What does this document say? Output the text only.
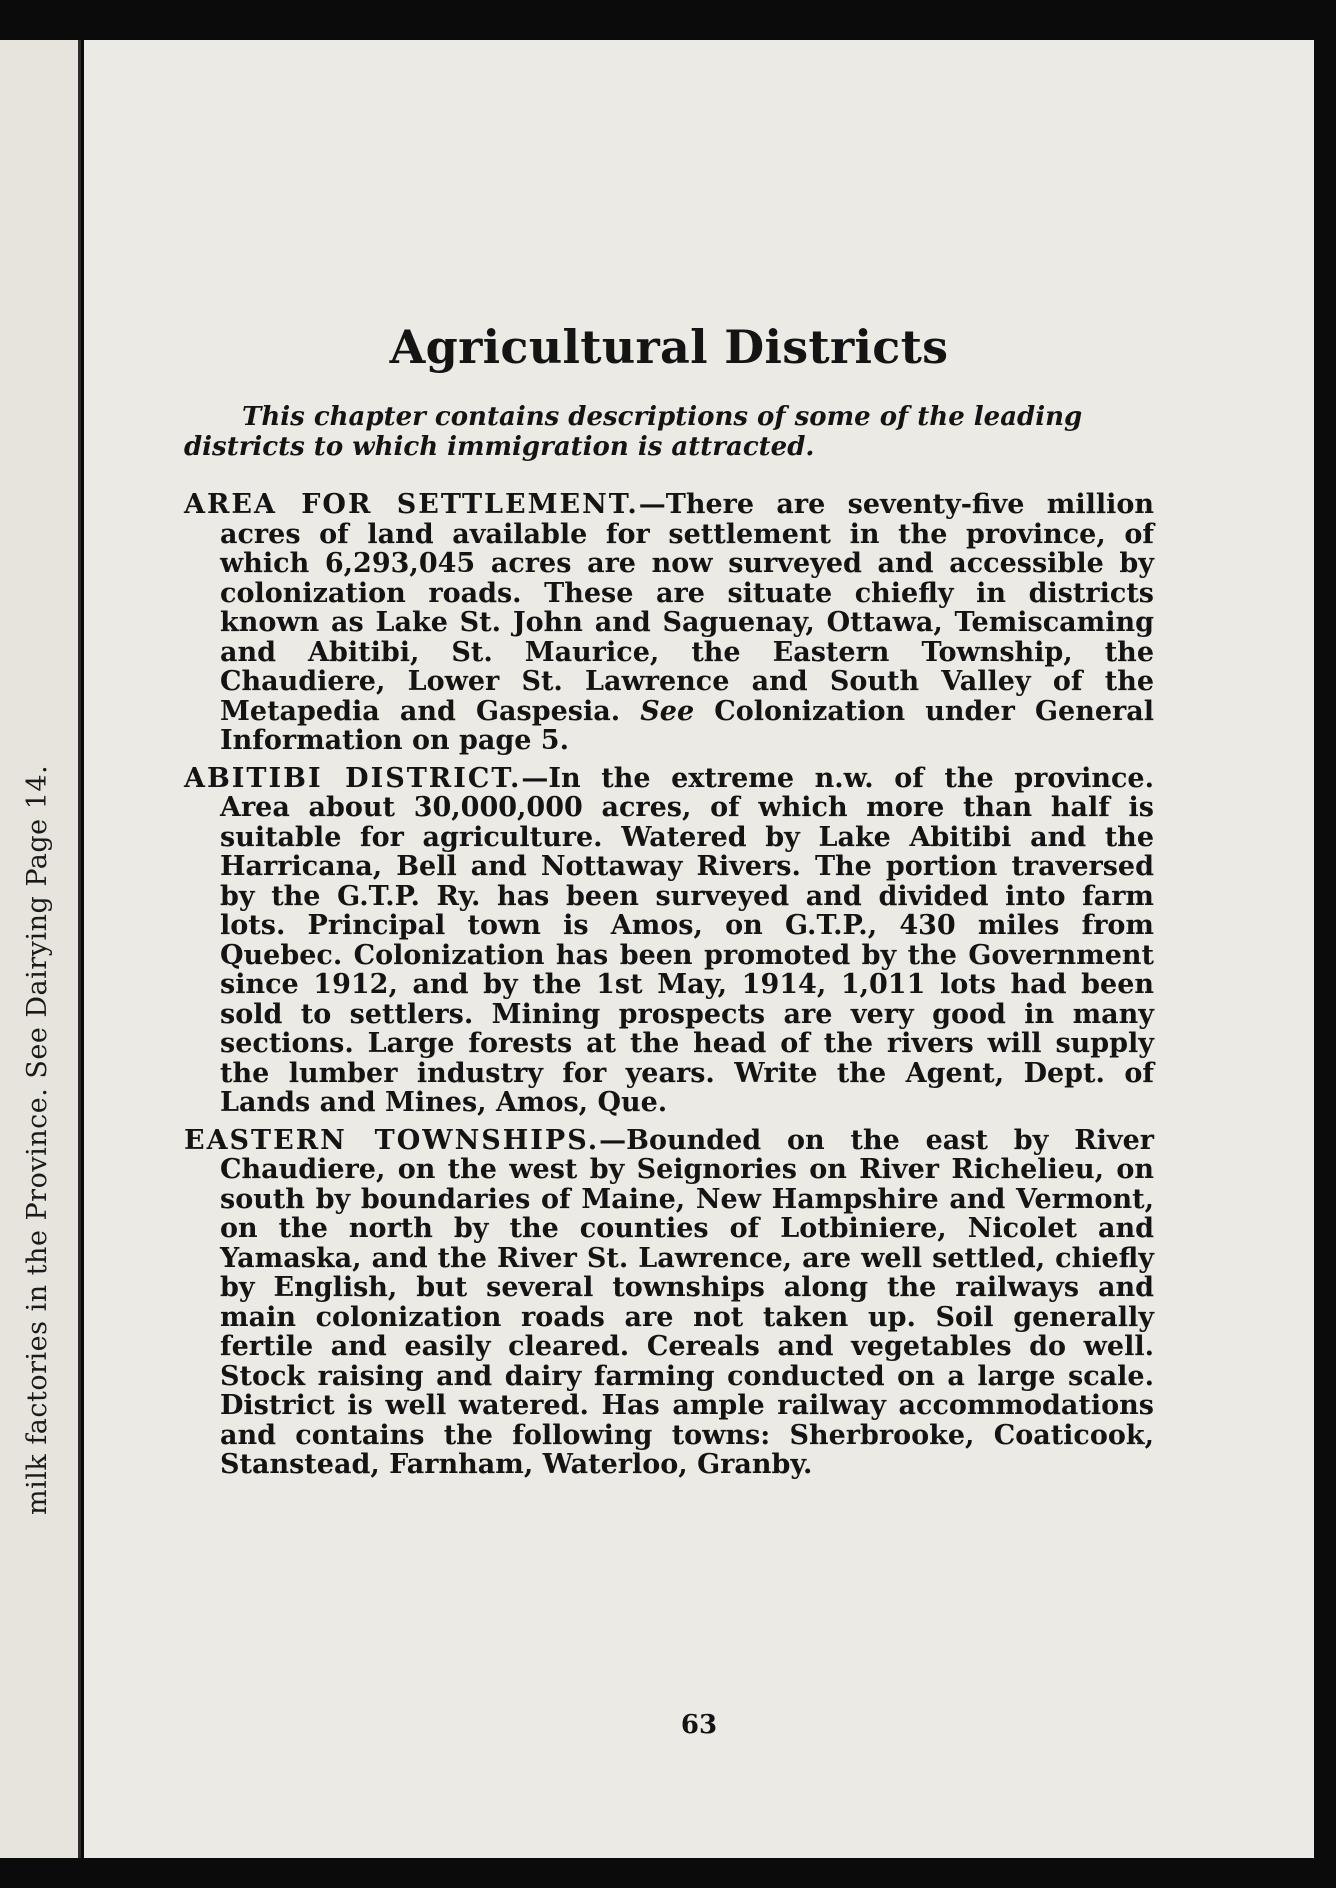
milk factories in the Province. See Dairying Page 14.
Agricultural Districts

This chapter contains descriptions of some of the leading
districts to which immigration is attracted.

AREA FOR SETTLEMENT.—There are seventy-five million acres of land available for settlement in the province, of which 6,293,045 acres are now surveyed and accessible by colonization roads. These are situate chiefly in districts known as Lake St. John and Saguenay, Ottawa, Temiscaming and Abitibi, St. Maurice, the Eastern Township, the Chaudiere, Lower St. Lawrence and South Valley of the Metapedia and Gaspesia. See Colonization under General Information on page 5.

ABITIBI DISTRICT.—In the extreme n.w. of the province. Area about 30,000,000 acres, of which more than half is suitable for agriculture. Watered by Lake Abitibi and the Harricana, Bell and Nottaway Rivers. The portion traversed by the G.T.P. Ry. has been surveyed and divided into farm lots. Principal town is Amos, on G.T.P., 430 miles from Quebec. Colonization has been promoted by the Government since 1912, and by the 1st May, 1914, 1,011 lots had been sold to settlers. Mining prospects are very good in many sections. Large forests at the head of the rivers will supply the lumber industry for years. Write the Agent, Dept. of Lands and Mines, Amos, Que.

EASTERN TOWNSHIPS.—Bounded on the east by River Chaudiere, on the west by Seignories on River Richelieu, on south by boundaries of Maine, New Hampshire and Vermont, on the north by the counties of Lotbiniere, Nicolet and Yamaska, and the River St. Lawrence, are well settled, chiefly by English, but several townships along the railways and main colonization roads are not taken up. Soil generally fertile and easily cleared. Cereals and vegetables do well. Stock raising and dairy farming conducted on a large scale. District is well watered. Has ample railway accommodations and contains the following towns: Sherbrooke, Coaticook, Stanstead, Farnham, Waterloo, Granby.

63
